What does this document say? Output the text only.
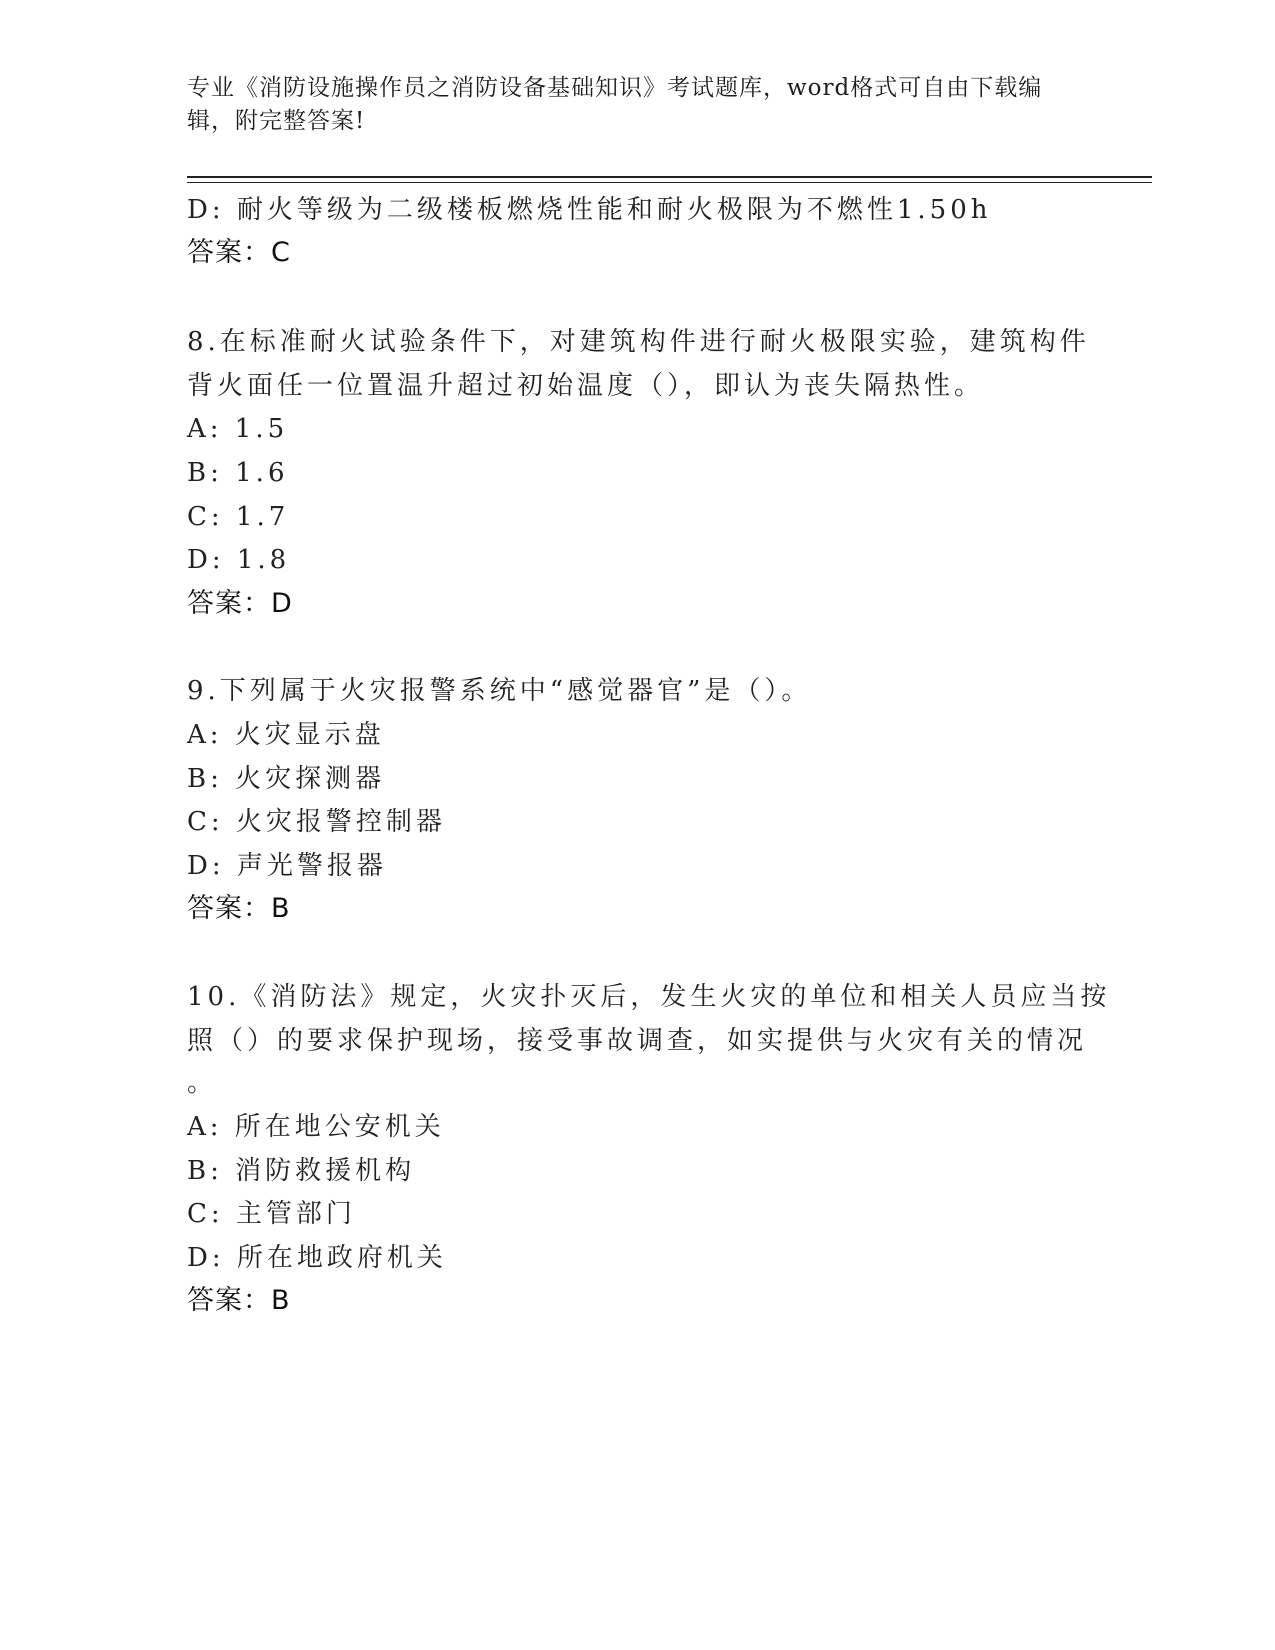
专业《消防设施操作员之消防设备基础知识》考试题库，word格式可自由下载编
辑，附完整答案!
D: 耐火等级为二级楼板燃烧性能和耐火极限为不燃性1.50h
答案：C
8.在标准耐火试验条件下，对建筑构件进行耐火极限实验，建筑构件
背火面任一位置温升超过初始温度（），即认为丧失隔热性。
A: 1.5
B: 1.6
C: 1.7
D: 1.8
答案：D
9.下列属于火灾报警系统中“感觉器官”是（）。
A: 火灾显示盘
B: 火灾探测器
C: 火灾报警控制器
D: 声光警报器
答案：B
10.《消防法》规定，火灾扑灭后，发生火灾的单位和相关人员应当按
照（）的要求保护现场，接受事故调查，如实提供与火灾有关的情况
。
A: 所在地公安机关
B: 消防救援机构
C: 主管部门
D: 所在地政府机关
答案：B
